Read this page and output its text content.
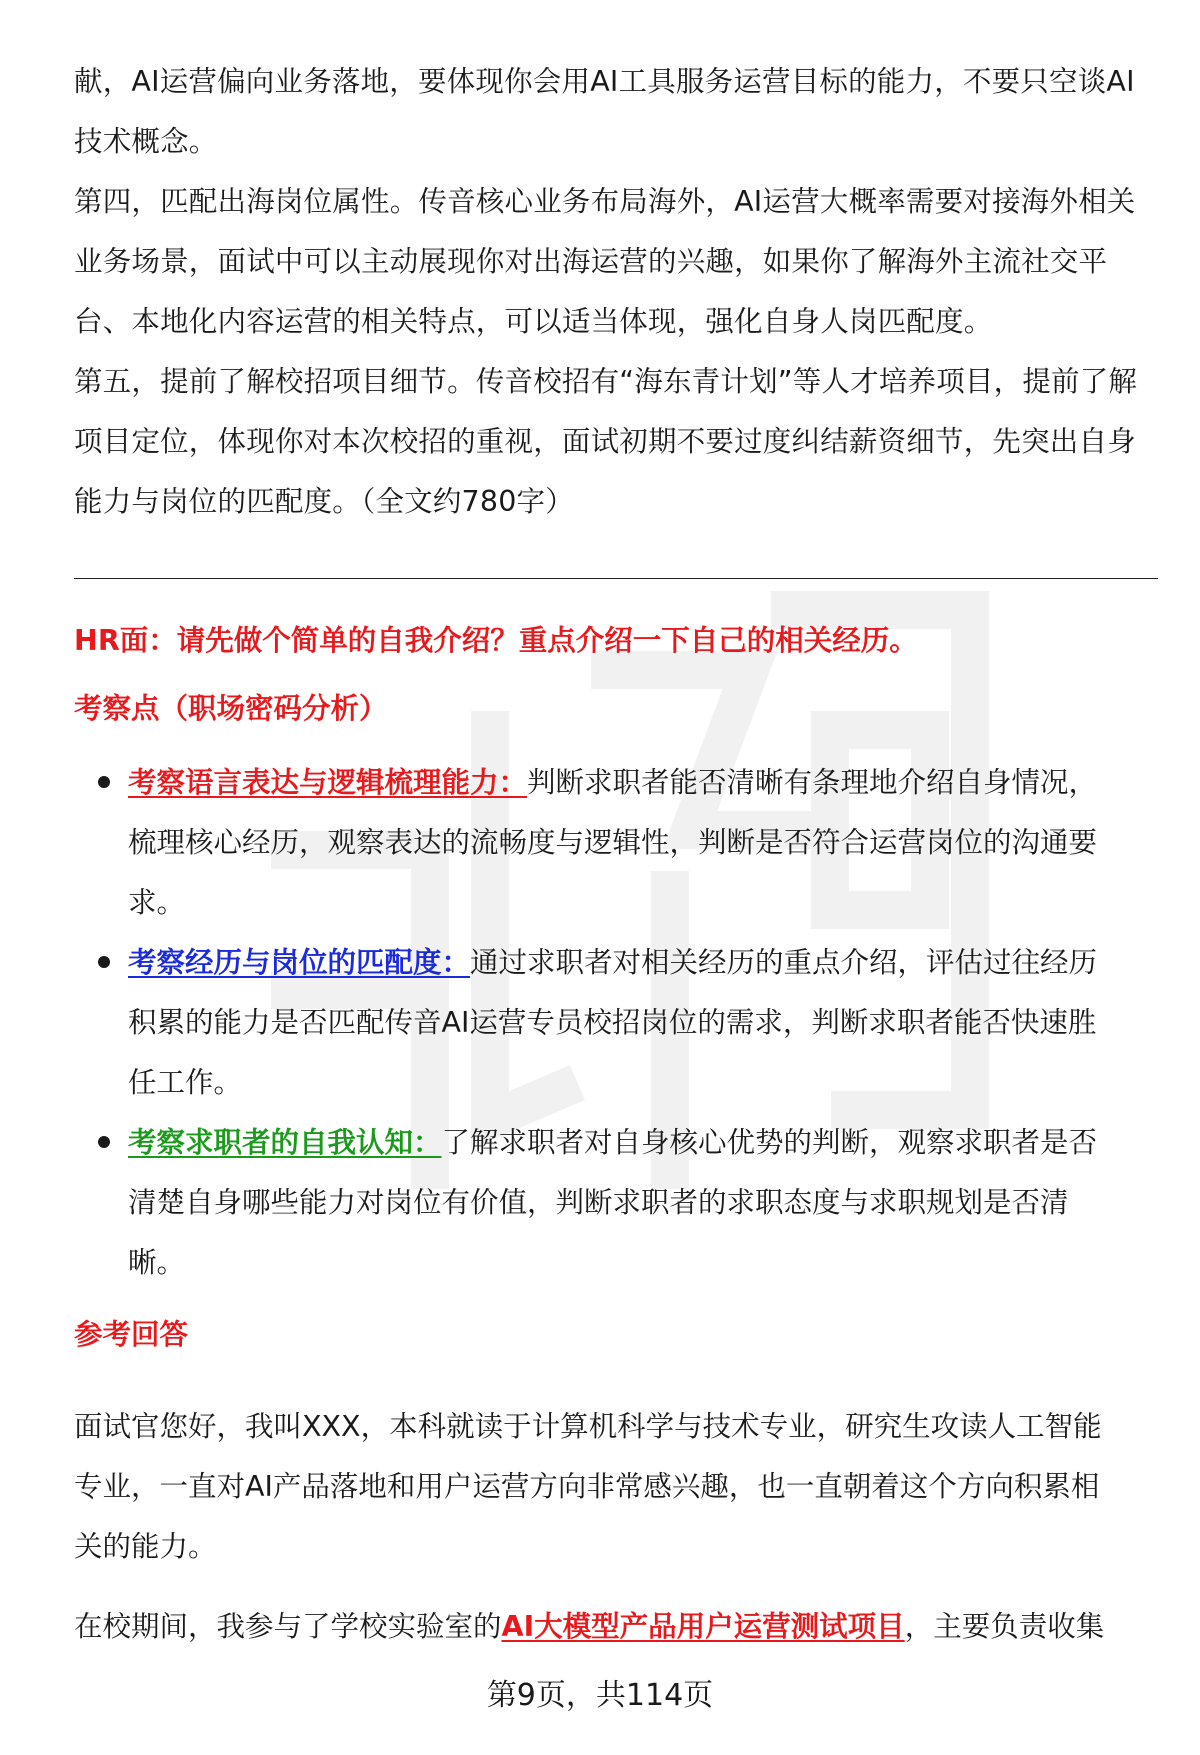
献，AI运营偏向业务落地，要体现你会用AI工具服务运营目标的能力，不要只空谈AI技术概念。

第四，匹配出海岗位属性。传音核心业务布局海外，AI运营大概率需要对接海外相关业务场景，面试中可以主动展现你对出海运营的兴趣，如果你了解海外主流社交平台、本地化内容运营的相关特点，可以适当体现，强化自身人岗匹配度。

第五，提前了解校招项目细节。传音校招有“海东青计划”等人才培养项目，提前了解项目定位，体现你对本次校招的重视，面试初期不要过度纠结薪资细节，先突出自身能力与岗位的匹配度。（全文约780字）

HR面：请先做个简单的自我介绍？重点介绍一下自己的相关经历。

考察点（职场密码分析）

考察语言表达与逻辑梳理能力：判断求职者能否清晰有条理地介绍自身情况，梳理核心经历，观察表达的流畅度与逻辑性，判断是否符合运营岗位的沟通要求。
考察经历与岗位的匹配度：通过求职者对相关经历的重点介绍，评估过往经历积累的能力是否匹配传音AI运营专员校招岗位的需求，判断求职者能否快速胜任工作。
考察求职者的自我认知：了解求职者对自身核心优势的判断，观察求职者是否清楚自身哪些能力对岗位有价值，判断求职者的求职态度与求职规划是否清晰。

参考回答

面试官您好，我叫XXX，本科就读于计算机科学与技术专业，研究生攻读人工智能专业，一直对AI产品落地和用户运营方向非常感兴趣，也一直朝着这个方向积累相关的能力。

在校期间，我参与了学校实验室的AI大模型产品用户运营测试项目，主要负责收集

第9页，共114页
